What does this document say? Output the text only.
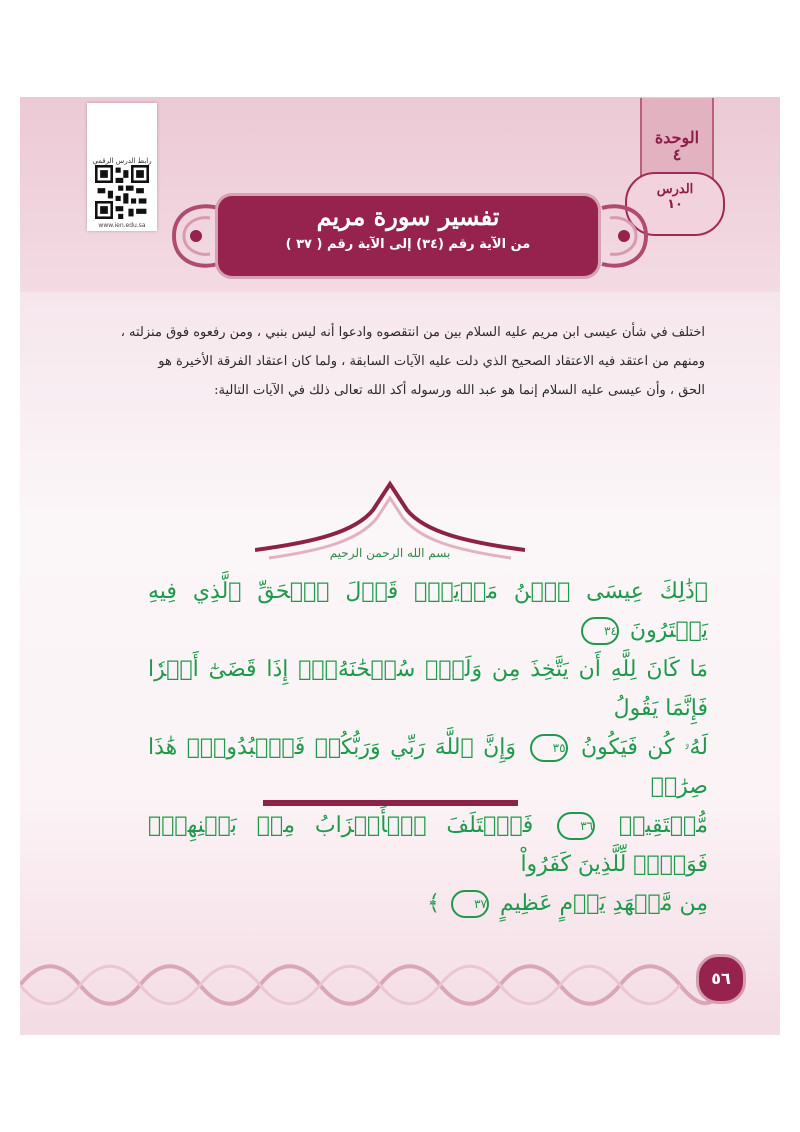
رابط الدرس الرقمي
www.ien.edu.sa
الوحدة
٤
الدرس
١٠
تفسير سورة مريم
من الآية رقم (٣٤) إلى الآية رقم ( ٣٧ )

اختلف في شأن عيسى ابن مريم عليه السلام بين من انتقصوه وادعوا أنه ليس بنبي ، ومن رفعوه فوق منزلته ،

ومنهم من اعتقد فيه الاعتقاد الصحيح الذي دلت عليه الآيات السابقة ، ولما كان اعتقاد الفرقة الأخيرة هو

الحق ، وأن عيسى عليه السلام إنما هو عبد الله ورسوله أكد الله تعالى ذلك في الآيات التالية:

بسم الله الرحمن الرحيم

﴿ذَٰلِكَ عِيسَى ٱبۡنُ مَرۡيَمَۚ قَوۡلَ ٱلۡحَقِّ ٱلَّذِي فِيهِ يَمۡتَرُونَ ٣٤

مَا كَانَ لِلَّهِ أَن يَتَّخِذَ مِن وَلَدٖۖ سُبۡحَٰنَهُۥٓۚ إِذَا قَضَىٰٓ أَمۡرٗا فَإِنَّمَا يَقُولُ

لَهُۥ كُن فَيَكُونُ ٣٥ وَإِنَّ ٱللَّهَ رَبِّي وَرَبُّكُمۡ فَٱعۡبُدُوهُۚ هَٰذَا صِرَٰطٞ

مُّسۡتَقِيمٞ ٣٦ فَٱخۡتَلَفَ ٱلۡأَحۡزَابُ مِنۢ بَيۡنِهِمۡۖ فَوَيۡلٞ لِّلَّذِينَ كَفَرُواْ

مِن مَّشۡهَدِ يَوۡمٍ عَظِيمٍ ٣٧ ﴾

٥٦
